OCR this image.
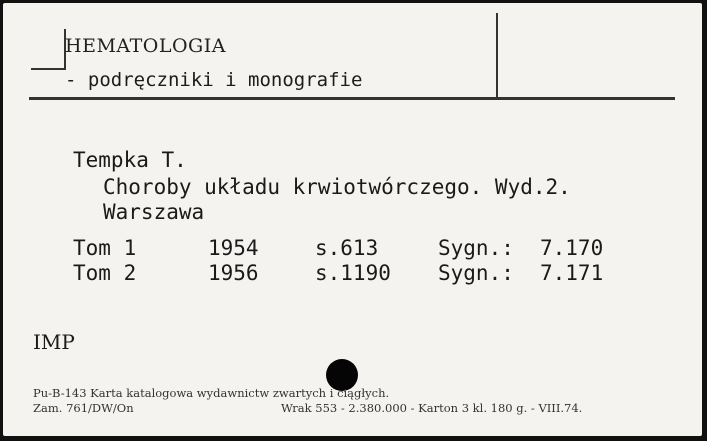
HEMATOLOGIA
- podręczniki i monografie
Tempka T.
Choroby układu krwiotwórczego. Wyd.2.
Warszawa
Tom 1	1954	s.613	Sygn.: 7.170
Tom 2	1956	s.1190 Sygn.: 7.171
IMP
Pu-B-143 Karta katalogowa wydawnictw zwartych i ciągłych.
Zam. 761/DW/On	Wrak 553 - 2.380.000 - Karton 3 kl. 180 g. - VIII.74.
